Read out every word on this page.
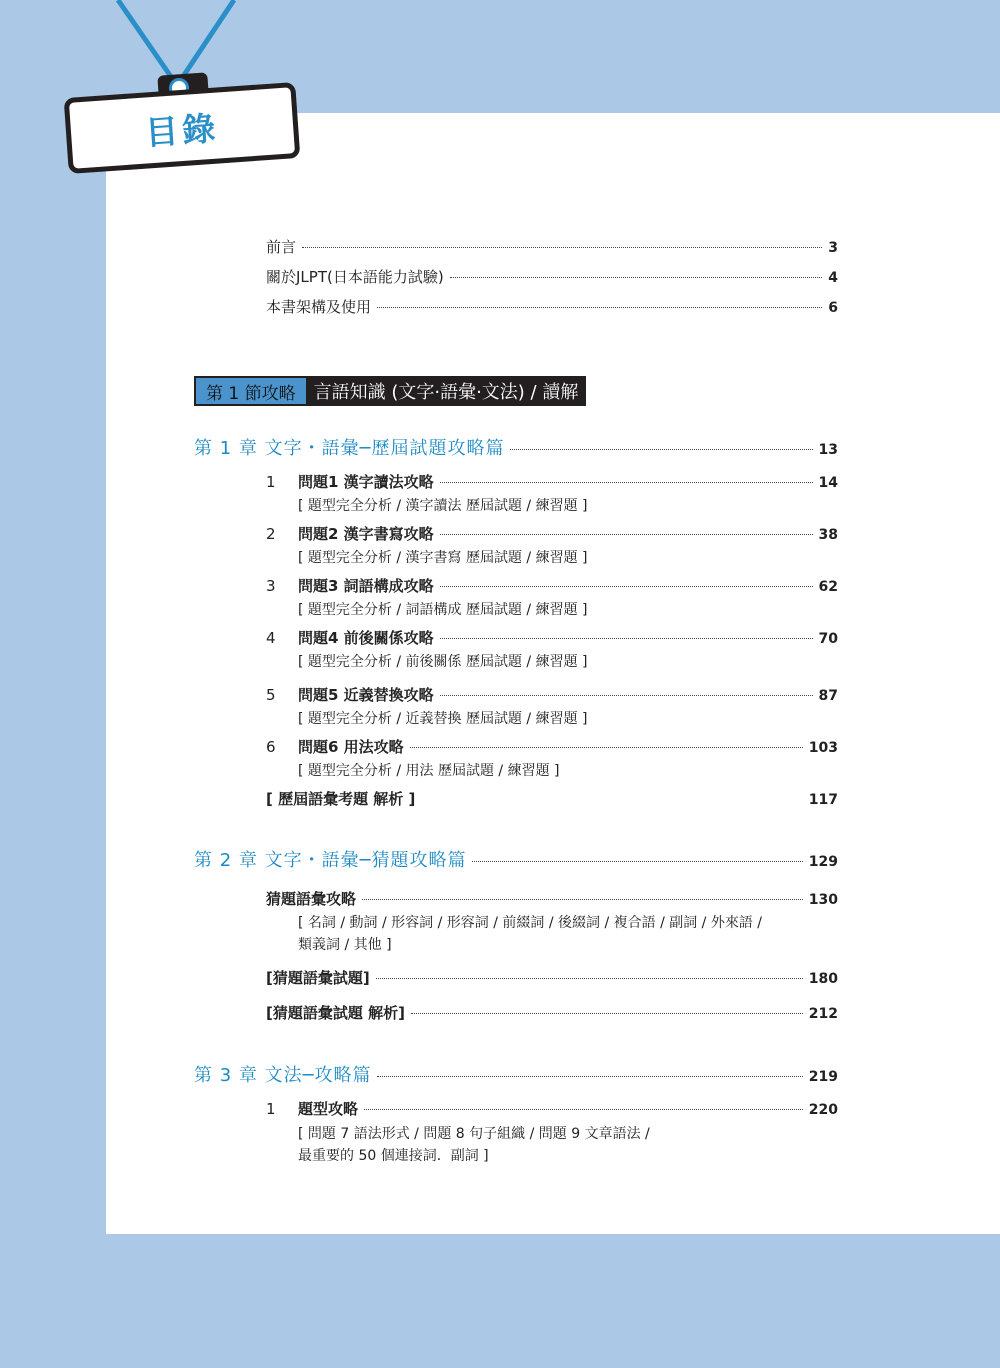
目錄
前言	3
關於JLPT(日本語能力試驗)	4
本書架構及使用	6
第 1 節攻略	言語知識 (文字·語彙·文法) / 讀解
第 1 章 文字・語彙─歷屆試題攻略篇	13
1	問題1 漢字讀法攻略	14
[ 題型完全分析 / 漢字讀法 歷屆試題 / 練習題 ]
2	問題2 漢字書寫攻略	38
[ 題型完全分析 / 漢字書寫 歷屆試題 / 練習題 ]
3	問題3 詞語構成攻略	62
[ 題型完全分析 / 詞語構成 歷屆試題 / 練習題 ]
4	問題4 前後關係攻略	70
[ 題型完全分析 / 前後關係 歷屆試題 / 練習題 ]
5	問題5 近義替換攻略	87
[ 題型完全分析 / 近義替換 歷屆試題 / 練習題 ]
6	問題6 用法攻略	103
[ 題型完全分析 / 用法 歷屆試題 / 練習題 ]
[ 歷屆語彙考題 解析 ]	117
第 2 章 文字・語彙─猜題攻略篇	129
猜題語彙攻略	130
[ 名詞 / 動詞 / 形容詞 / 形容詞 / 前綴詞 / 後綴詞 / 複合語 / 副詞 / 外來語 /
類義詞 / 其他 ]
[猜題語彙試題]	180
[猜題語彙試題 解析]	212
第 3 章 文法─攻略篇	219
1	題型攻略	220
[ 問題 7 語法形式 / 問題 8 句子組織 / 問題 9 文章語法 /
最重要的 50 個連接詞．副詞 ]
